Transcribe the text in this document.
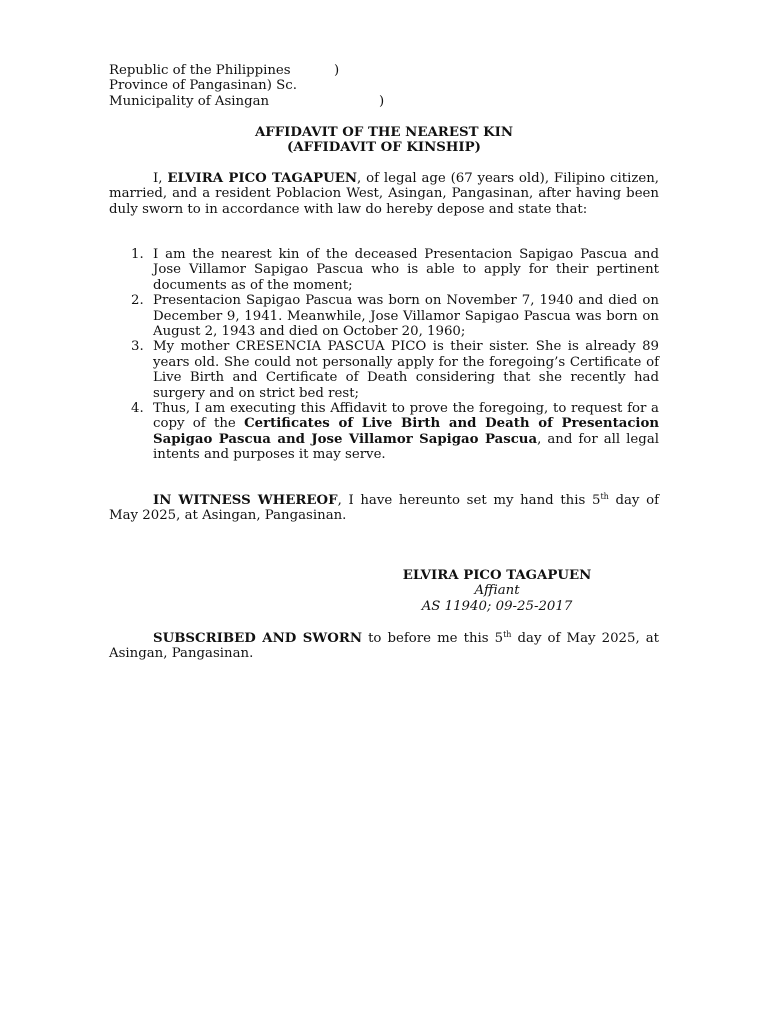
Republic of the Philippines	)
Province of Pangasinan) Sc.
Municipality of Asingan	)
AFFIDAVIT OF THE NEAREST KIN
(AFFIDAVIT OF KINSHIP)
I, ELVIRA PICO TAGAPUEN, of legal age (67 years old), Filipino citizen, married, and a resident Poblacion West, Asingan, Pangasinan, after having been duly sworn to in accordance with law do hereby depose and state that:
1. I am the nearest kin of the deceased Presentacion Sapigao Pascua and Jose Villamor Sapigao Pascua who is able to apply for their pertinent documents as of the moment;
2. Presentacion Sapigao Pascua was born on November 7, 1940 and died on December 9, 1941. Meanwhile, Jose Villamor Sapigao Pascua was born on August 2, 1943 and died on October 20, 1960;
3. My mother CRESENCIA PASCUA PICO is their sister. She is already 89 years old. She could not personally apply for the foregoing’s Certificate of Live Birth and Certificate of Death considering that she recently had surgery and on strict bed rest;
4. Thus, I am executing this Affidavit to prove the foregoing, to request for a copy of the Certificates of Live Birth and Death of Presentacion Sapigao Pascua and Jose Villamor Sapigao Pascua, and for all legal intents and purposes it may serve.
IN WITNESS WHEREOF, I have hereunto set my hand this 5th day of May 2025, at Asingan, Pangasinan.
ELVIRA PICO TAGAPUEN
Affiant
AS 11940; 09-25-2017
SUBSCRIBED AND SWORN to before me this 5th day of May 2025, at Asingan, Pangasinan.
